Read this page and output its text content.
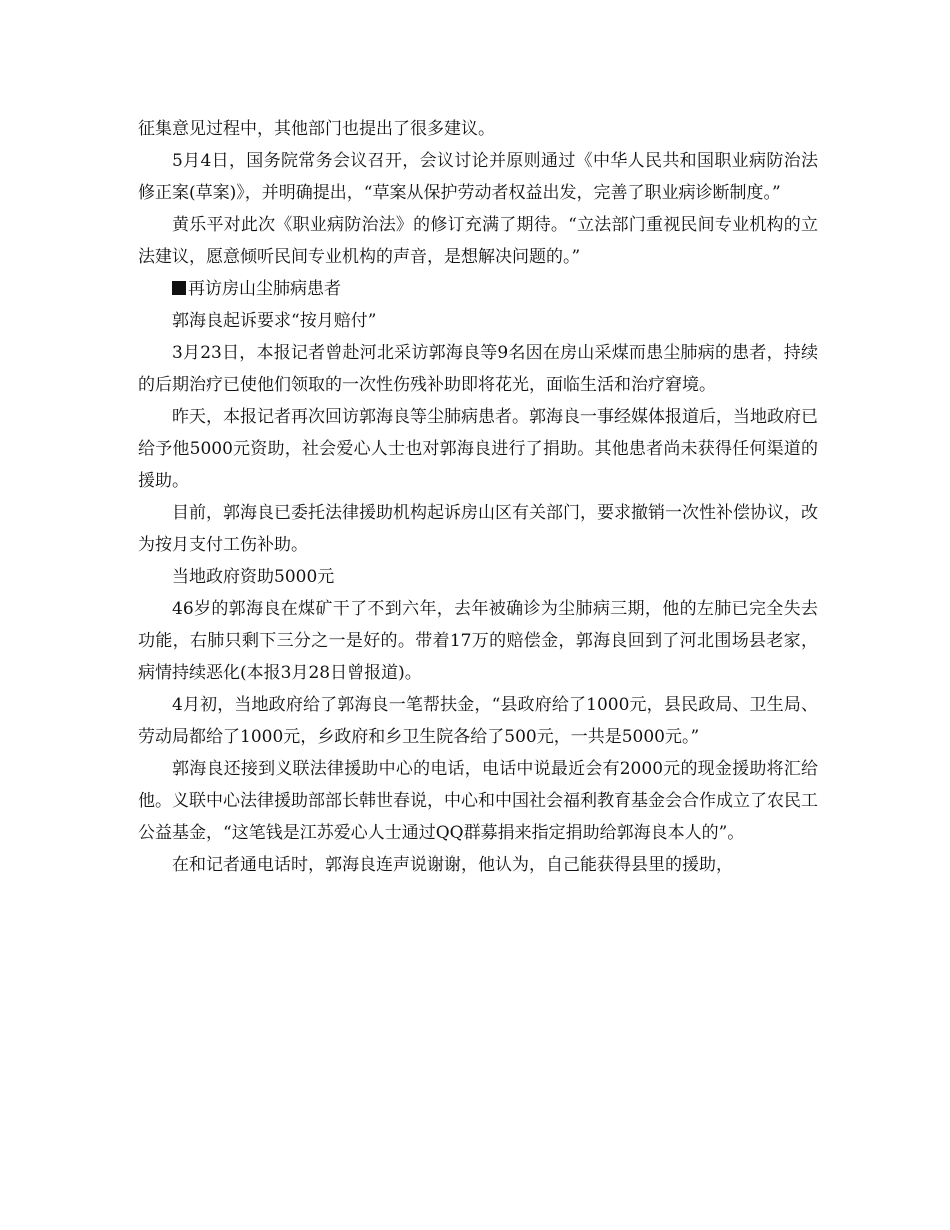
征集意见过程中，其他部门也提出了很多建议。

5月4日，国务院常务会议召开，会议讨论并原则通过《中华人民共和国职业病防治法修正案(草案)》，并明确提出，“草案从保护劳动者权益出发，完善了职业病诊断制度。”

黄乐平对此次《职业病防治法》的修订充满了期待。“立法部门重视民间专业机构的立法建议，愿意倾听民间专业机构的声音，是想解决问题的。”

再访房山尘肺病患者

郭海良起诉要求“按月赔付”

3月23日，本报记者曾赴河北采访郭海良等9名因在房山采煤而患尘肺病的患者，持续的后期治疗已使他们领取的一次性伤残补助即将花光，面临生活和治疗窘境。

昨天，本报记者再次回访郭海良等尘肺病患者。郭海良一事经媒体报道后，当地政府已给予他5000元资助，社会爱心人士也对郭海良进行了捐助。其他患者尚未获得任何渠道的援助。

目前，郭海良已委托法律援助机构起诉房山区有关部门，要求撤销一次性补偿协议，改为按月支付工伤补助。

当地政府资助5000元

46岁的郭海良在煤矿干了不到六年，去年被确诊为尘肺病三期，他的左肺已完全失去功能，右肺只剩下三分之一是好的。带着17万的赔偿金，郭海良回到了河北围场县老家，病情持续恶化(本报3月28日曾报道)。

4月初，当地政府给了郭海良一笔帮扶金，“县政府给了1000元，县民政局、卫生局、劳动局都给了1000元，乡政府和乡卫生院各给了500元，一共是5000元。”

郭海良还接到义联法律援助中心的电话，电话中说最近会有2000元的现金援助将汇给他。义联中心法律援助部部长韩世春说，中心和中国社会福利教育基金会合作成立了农民工公益基金，“这笔钱是江苏爱心人士通过QQ群募捐来指定捐助给郭海良本人的”。

在和记者通电话时，郭海良连声说谢谢，他认为，自己能获得县里的援助，
